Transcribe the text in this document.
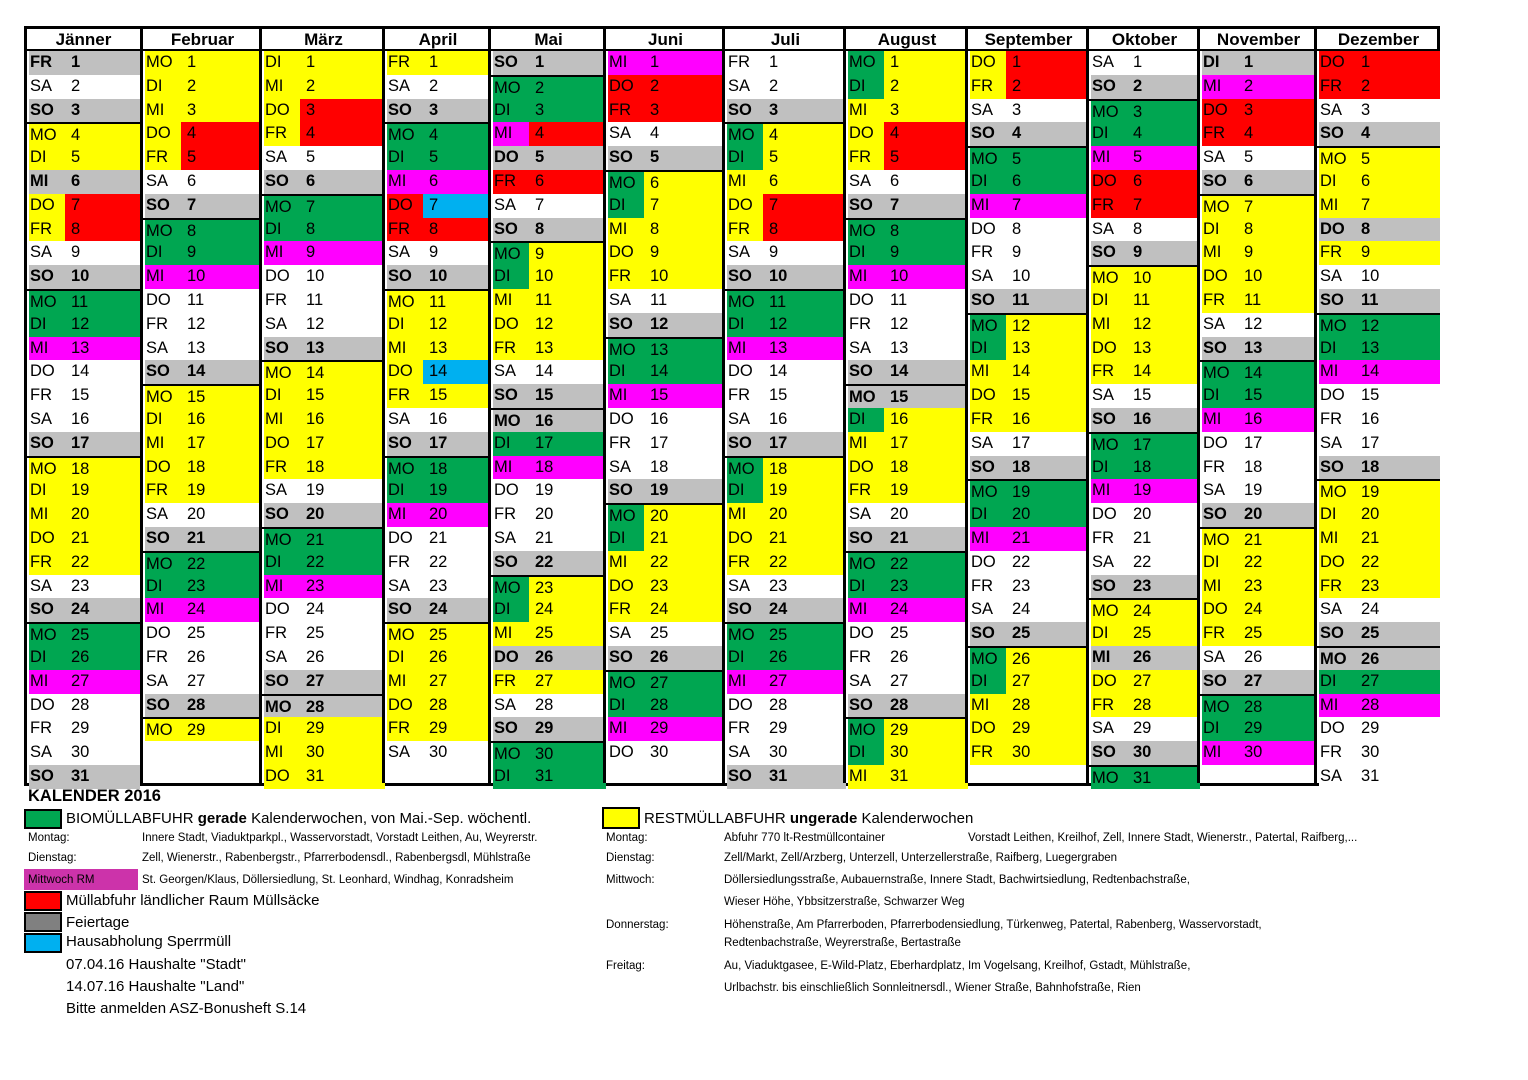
Jänner
FR	1
SA	2
SO	3
MO 4
DI	5
MI	6
DO 7
FR	8
SA	9
SO	10
MO 11
DI	12
MI	13
DO 14
FR	15
SA	16
SO	17
MO 18
DI	19
MI	20
DO 21
FR	22
SA	23
SO	24
MO 25
DI	26
MI	27
DO 28
FR	29
SA	30
SO	31
Februar
MO 1
DI	2
MI	3
DO 4
FR	5
SA	6
SO	7
MO 8
DI	9
MI	10
DO 11
FR	12
SA	13
SO	14
MO 15
DI	16
MI	17
DO 18
FR	19
SA	20
SO	21
MO 22
DI	23
MI	24
DO 25
FR	26
SA	27
SO	28
MO 29
März
DI	1
MI	2
DO 3
FR	4
SA	5
SO	6
MO 7
DI	8
MI	9
DO 10
FR	11
SA	12
SO	13
MO 14
DI	15
MI	16
DO 17
FR	18
SA	19
SO	20
MO 21
DI	22
MI	23
DO 24
FR	25
SA	26
SO	27
MO 28
DI	29
MI	30
DO 31
April
FR	1
SA	2
SO	3
MO 4
DI	5
MI	6
DO 7
FR	8
SA	9
SO	10
MO 11
DI	12
MI	13
DO 14
FR	15
SA	16
SO	17
MO 18
DI	19
MI	20
DO 21
FR	22
SA	23
SO	24
MO 25
DI	26
MI	27
DO 28
FR	29
SA	30
Mai
SO	1
MO 2
DI	3
MI	4
DO 5
FR	6
SA	7
SO	8
MO 9
DI	10
MI	11
DO 12
FR	13
SA	14
SO	15
MO 16
DI	17
MI	18
DO 19
FR	20
SA	21
SO	22
MO 23
DI	24
MI	25
DO 26
FR	27
SA	28
SO	29
MO 30
DI	31
Juni
MI	1
DO 2
FR	3
SA	4
SO	5
MO 6
DI	7
MI	8
DO 9
FR	10
SA	11
SO	12
MO 13
DI	14
MI	15
DO 16
FR	17
SA	18
SO	19
MO 20
DI	21
MI	22
DO 23
FR	24
SA	25
SO	26
MO 27
DI	28
MI	29
DO 30
Juli
FR	1
SA	2
SO	3
MO 4
DI	5
MI	6
DO 7
FR	8
SA	9
SO	10
MO 11
DI	12
MI	13
DO 14
FR	15
SA	16
SO	17
MO 18
DI	19
MI	20
DO 21
FR	22
SA	23
SO	24
MO 25
DI	26
MI	27
DO 28
FR	29
SA	30
SO	31
August
MO 1
DI	2
MI	3
DO 4
FR	5
SA	6
SO	7
MO 8
DI	9
MI	10
DO 11
FR	12
SA	13
SO	14
MO 15
DI	16
MI	17
DO 18
FR	19
SA	20
SO	21
MO 22
DI	23
MI	24
DO 25
FR	26
SA	27
SO	28
MO 29
DI	30
MI	31
September
DO 1
FR	2
SA	3
SO	4
MO 5
DI	6
MI	7
DO 8
FR	9
SA	10
SO	11
MO 12
DI	13
MI	14
DO 15
FR	16
SA	17
SO	18
MO 19
DI	20
MI	21
DO 22
FR	23
SA	24
SO	25
MO 26
DI	27
MI	28
DO 29
FR	30
Oktober
SA	1
SO	2
MO 3
DI	4
MI	5
DO 6
FR	7
SA	8
SO	9
MO 10
DI	11
MI	12
DO 13
FR	14
SA	15
SO	16
MO 17
DI	18
MI	19
DO 20
FR	21
SA	22
SO	23
MO 24
DI	25
MI	26
DO 27
FR	28
SA	29
SO	30
MO 31
November
DI	1
MI	2
DO 3
FR	4
SA	5
SO	6
MO 7
DI	8
MI	9
DO 10
FR	11
SA	12
SO	13
MO 14
DI	15
MI	16
DO 17
FR	18
SA	19
SO	20
MO 21
DI	22
MI	23
DO 24
FR	25
SA	26
SO	27
MO 28
DI	29
MI	30
Dezember
DO 1
FR	2
SA	3
SO	4
MO 5
DI	6
MI	7
DO 8
FR	9
SA	10
SO	11
MO 12
DI	13
MI	14
DO 15
FR	16
SA	17
SO	18
MO 19
DI	20
MI	21
DO 22
FR	23
SA	24
SO	25
MO 26
DI	27
MI	28
DO 29
FR	30
SA	31
KALENDER 2016
BIOMÜLLABFUHR gerade Kalenderwochen, von Mai.-Sep. wöchentl.
Montag:	Innere Stadt, Viaduktparkpl., Wasservorstadt, Vorstadt Leithen, Au, Weyrerstr.
Dienstag:	Zell, Wienerstr., Rabenbergstr., Pfarrerbodensdl., Rabenbergsdl, Mühlstraße
Mittwoch RM	St. Georgen/Klaus, Döllersiedlung, St. Leonhard, Windhag, Konradsheim
Müllabfuhr ländlicher Raum Müllsäcke
Feiertage
Hausabholung Sperrmüll
07.04.16 Haushalte "Stadt"
14.07.16 Haushalte "Land"
Bitte anmelden ASZ-Bonusheft S.14
RESTMÜLLABFUHR ungerade Kalenderwochen
Montag:	Abfuhr 770 lt-Restmüllcontainer	Vorstadt Leithen, Kreilhof, Zell, Innere Stadt, Wienerstr., Patertal, Raifberg,...
Dienstag:	Zell/Markt, Zell/Arzberg, Unterzell, Unterzellerstraße, Raifberg, Luegergraben
Mittwoch:	Döllersiedlungsstraße, Aubauernstraße, Innere Stadt, Bachwirtsiedlung, Redtenbachstraße,
Wieser Höhe, Ybbsitzerstraße, Schwarzer Weg
Donnerstag:	Höhenstraße, Am Pfarrerboden, Pfarrerbodensiedlung, Türkenweg, Patertal, Rabenberg, Wasservorstadt,
Redtenbachstraße, Weyrerstraße, Bertastraße
Freitag:	Au, Viaduktgasee, E-Wild-Platz, Eberhardplatz, Im Vogelsang, Kreilhof, Gstadt, Mühlstraße,
Urlbachstr. bis einschließlich Sonnleitnersdl., Wiener Straße, Bahnhofstraße, Rien
